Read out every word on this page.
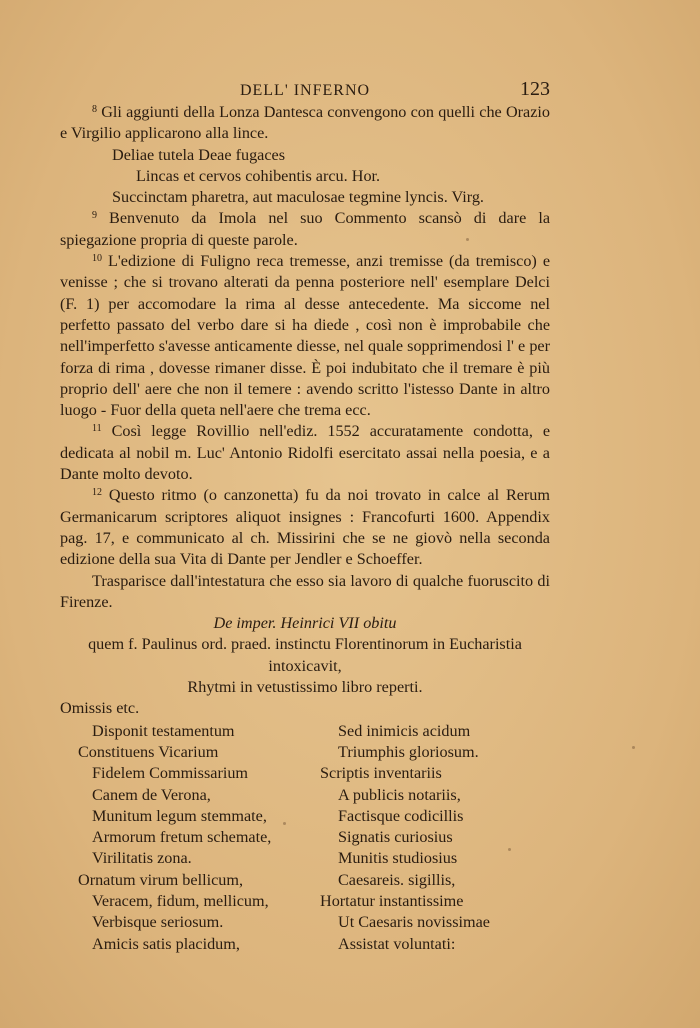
DELL' INFERNO	123

$^8$ Gli aggiunti della Lonza Dantesca convengono con quelli che Orazio e Virgilio applicarono alla lince.

Deliae tutela Deae fugaces

Lincas et cervos cohibentis arcu. Hor.

Succinctam pharetra, aut maculosae tegmine lyncis. Virg.

$^9$ Benvenuto da Imola nel suo Commento scansò di dare la spiegazione propria di queste parole.

$^{10}$ L'edizione di Fuligno reca tremesse, anzi tremisse (da tremisco) e venisse ; che si trovano alterati da penna posteriore nell' esemplare Delci (F. 1) per accomodare la rima al desse antecedente. Ma siccome nel perfetto passato del verbo dare si ha diede , così non è improbabile che nell'imperfetto s'avesse anticamente diesse, nel quale sopprimendosi l' e per forza di rima , dovesse rimaner disse. È poi indubitato che il tremare è più proprio dell' aere che non il temere : avendo scritto l'istesso Dante in altro luogo - Fuor della queta nell'aere che trema ecc.

$^{11}$ Così legge Rovillio nell'ediz. 1552 accuratamente condotta, e dedicata al nobil m. Luc' Antonio Ridolfi esercitato assai nella poesia, e a Dante molto devoto.

$^{12}$ Questo ritmo (o canzonetta) fu da noi trovato in calce al Rerum Germanicarum scriptores aliquot insignes : Francofurti 1600. Appendix pag. 17, e communicato al ch. Missirini che se ne giovò nella seconda edizione della sua Vita di Dante per Jendler e Schoeffer.

Trasparisce dall'intestatura che esso sia lavoro di qualche fuoruscito di Firenze.

De imper. Heinrici VII obitu

quem f. Paulinus ord. praed. instinctu Florentinorum in Eucharistia

intoxicavit,

Rhytmi in vetustissimo libro reperti.

Omissis etc.

Disponit testamentum
Constituens Vicarium
Fidelem Commissarium
Canem de Verona,
Munitum legum stemmate,
Armorum fretum schemate,
Virilitatis zona.
Ornatum virum bellicum,
Veracem, fidum, mellicum,
Verbisque seriosum.
Amicis satis placidum,
Sed inimicis acidum
Triumphis gloriosum.
Scriptis inventariis
A publicis notariis,
Factisque codicillis
Signatis curiosius
Munitis studiosius
Caesareis. sigillis,
Hortatur instantissime
Ut Caesaris novissimae
Assistat voluntati:
